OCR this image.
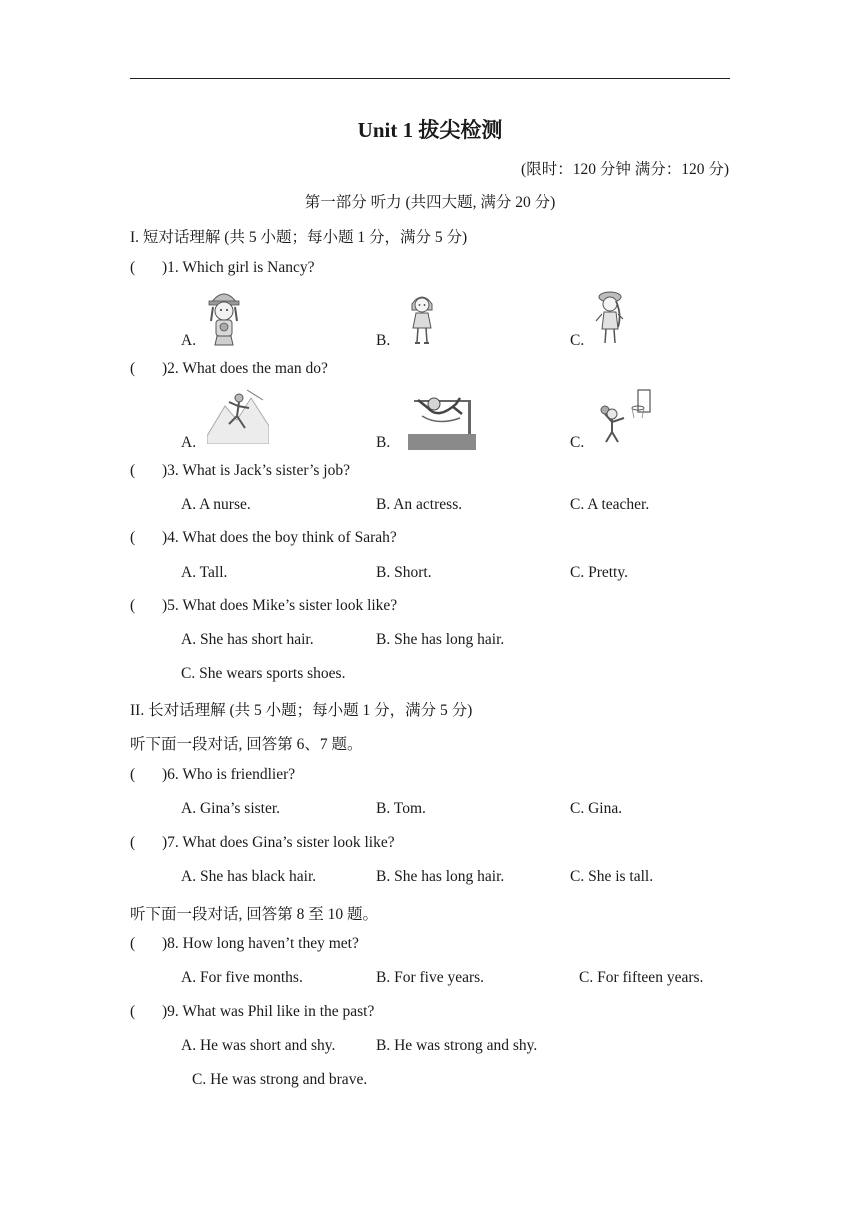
Unit 1 拔尖检测
(限时：120 分钟 满分：120 分)
第一部分 听力 (共四大题, 满分 20 分)
I. 短对话理解 (共 5 小题；每小题 1 分，满分 5 分)
( )1. Which girl is Nancy?
A.	B.	C.
( )2. What does the man do?
A.	B.	C.
( )3. What is Jack’s sister’s job?
A. A nurse.	B. An actress.	C. A teacher.
( )4. What does the boy think of Sarah?
A. Tall.	B. Short.	C. Pretty.
( )5. What does Mike’s sister look like?
A. She has short hair.	B. She has long hair.
C. She wears sports shoes.
II. 长对话理解 (共 5 小题；每小题 1 分，满分 5 分)
听下面一段对话, 回答第 6、7 题。
( )6. Who is friendlier?
A. Gina’s sister.	B. Tom.	C. Gina.
( )7. What does Gina’s sister look like?
A. She has black hair.	B. She has long hair.	C. She is tall.
听下面一段对话, 回答第 8 至 10 题。
( )8. How long haven’t they met?
A. For five months.	B. For five years.	C. For fifteen years.
( )9. What was Phil like in the past?
A. He was short and shy.	B. He was strong and shy.
C. He was strong and brave.
